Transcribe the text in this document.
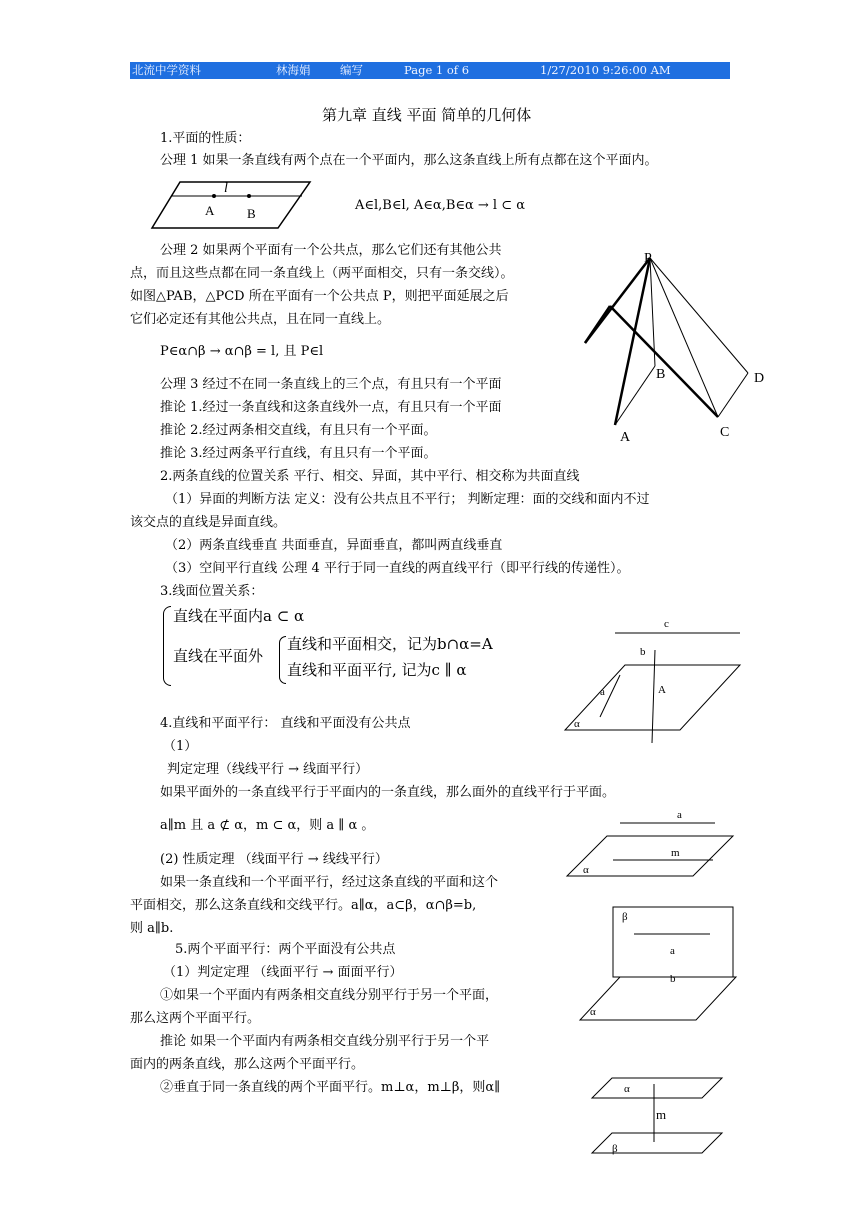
北流中学资料	林海娟	编写	Page 1 of 6	1/27/2010 9:26:00 AM
第九章 直线 平面 简单的几何体
1.平面的性质：
公理 1 如果一条直线有两个点在一个平面内，那么这条直线上所有点都在这个平面内。
l
A	B
A∈l,B∈l, A∈α,B∈α → l ⊂ α
公理 2 如果两个平面有一个公共点，那么它们还有其他公共
点，而且这些点都在同一条直线上（两平面相交，只有一条交线）。
如图△PAB，△PCD 所在平面有一个公共点 P，则把平面延展之后
它们必定还有其他公共点，且在同一直线上。
P∈α∩β → α∩β = l, 且 P∈l
P
A
B
C
D
公理 3 经过不在同一条直线上的三个点，有且只有一个平面
推论 1.经过一条直线和这条直线外一点，有且只有一个平面
推论 2.经过两条相交直线，有且只有一个平面。
推论 3.经过两条平行直线，有且只有一个平面。
2.两条直线的位置关系 平行、相交、异面，其中平行、相交称为共面直线
（1）异面的判断方法 定义：没有公共点且不平行； 判断定理：面的交线和面内不过
该交点的直线是异面直线。
（2）两条直线垂直 共面垂直，异面垂直，都叫两直线垂直
（3）空间平行直线 公理 4 平行于同一直线的两直线平行（即平行线的传递性）。
3.线面位置关系：
直线在平面内a ⊂ α
直线在平面外
直线和平面相交，记为b∩α=A
直线和平面平行, 记为c ∥ α
c
b
a	A
α
4.直线和平面平行： 直线和平面没有公共点
（1）
判定定理（线线平行 → 线面平行）
如果平面外的一条直线平行于平面内的一条直线，那么面外的直线平行于平面。
a∥m 且 a ⊄ α，m ⊂ α，则 a ∥ α 。
a
m
α
(2) 性质定理 （线面平行 → 线线平行）
如果一条直线和一个平面平行，经过这条直线的平面和这个
平面相交，那么这条直线和交线平行。a∥α，a⊂β，α∩β=b,
则 a∥b.
β
a
b
α
5.两个平面平行：两个平面没有公共点
（1）判定定理 （线面平行 → 面面平行）
①如果一个平面内有两条相交直线分别平行于另一个平面，
那么这两个平面平行。
推论 如果一个平面内有两条相交直线分别平行于另一个平
面内的两条直线，那么这两个平面平行。
②垂直于同一条直线的两个平面平行。m⊥α，m⊥β，则α∥	α
m
β
